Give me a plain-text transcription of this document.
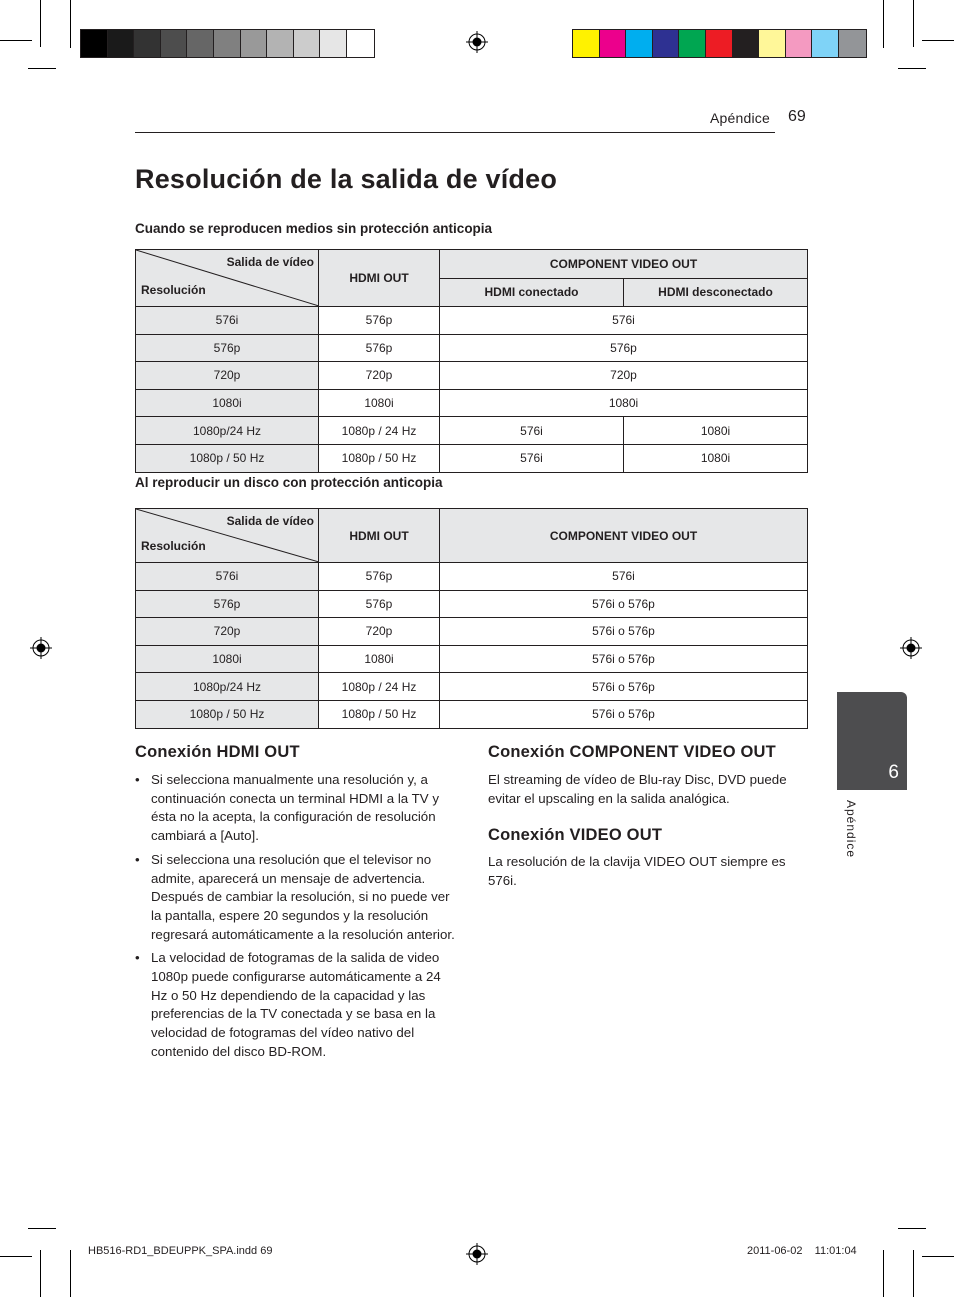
Apéndice 69
Resolución de la salida de vídeo
Cuando se reproducen medios sin protección anticopia
Salida de vídeo
Resolución	HDMI OUT	COMPONENT VIDEO OUT	
		HDMI conectado	HDMI desconectado
576i	576p	576i	
576p	576p	576p	
720p	720p	720p	
1080i	1080i	1080i	
1080p/24 Hz	1080p / 24 Hz	576i	1080i
1080p / 50 Hz	1080p / 50 Hz	576i	1080i
Al reproducir un disco con protección anticopia
Salida de vídeo
Resolución	HDMI OUT	COMPONENT VIDEO OUT
576i	576p	576i
576p	576p	576i o 576p
720p	720p	576i o 576p
1080i	1080i	576i o 576p
1080p/24 Hz	1080p / 24 Hz	576i o 576p
1080p / 50 Hz	1080p / 50 Hz	576i o 576p
Conexión HDMI OUT
• Si selecciona manualmente una resolución y, a continuación conecta un terminal HDMI a la TV y ésta no la acepta, la configuración de resolución cambiará a [Auto].
• Si selecciona una resolución que el televisor no admite, aparecerá un mensaje de advertencia. Después de cambiar la resolución, si no puede ver la pantalla, espere 20 segundos y la resolución regresará automáticamente a la resolución anterior.
• La velocidad de fotogramas de la salida de video 1080p puede configurarse automáticamente a 24 Hz o 50 Hz dependiendo de la capacidad y las preferencias de la TV conectada y se basa en la velocidad de fotogramas del vídeo nativo del contenido del disco BD-ROM.
Conexión COMPONENT VIDEO OUT
El streaming de vídeo de Blu-ray Disc, DVD puede evitar el upscaling en la salida analógica.
Conexión VIDEO OUT
La resolución de la clavija VIDEO OUT siempre es 576i.
6
Apéndice
HB516-RD1_BDEUPPK_SPA.indd 69	2011-06-02    11:01:04
